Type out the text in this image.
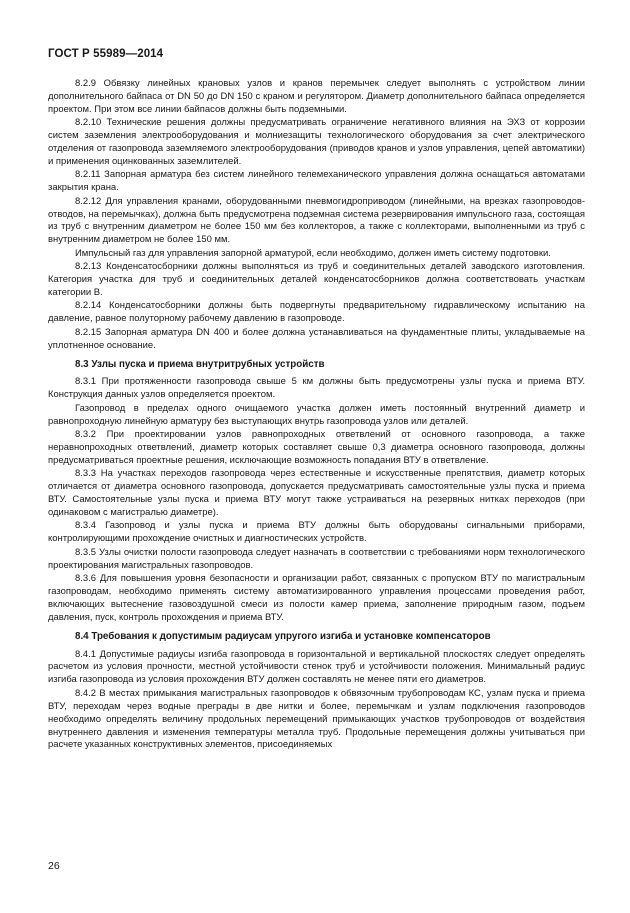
ГОСТ Р 55989—2014

8.2.9 Обвязку линейных крановых узлов и кранов перемычек следует выполнять с устройством линии дополнительного байпаса от DN 50 до DN 150 с краном и регулятором. Диаметр дополнительного байпаса определяется проектом. При этом все линии байпасов должны быть подземными.

8.2.10 Технические решения должны предусматривать ограничение негативного влияния на ЭХЗ от коррозии систем заземления электрооборудования и молниезащиты технологического оборудования за счет электрического отделения от газопровода заземляемого электрооборудования (приводов кранов и узлов управления, цепей автоматики) и применения оцинкованных заземлителей.

8.2.11 Запорная арматура без систем линейного телемеханического управления должна оснащаться автоматами закрытия крана.

8.2.12 Для управления кранами, оборудованными пневмогидроприводом (линейными, на врезках газопроводов-отводов, на перемычках), должна быть предусмотрена подземная система резервирования импульсного газа, состоящая из труб с внутренним диаметром не более 150 мм без коллекторов, а также с коллекторами, выполненными из труб с внутренним диаметром не более 150 мм.

Импульсный газ для управления запорной арматурой, если необходимо, должен иметь систему подготовки.

8.2.13 Конденсатосборники должны выполняться из труб и соединительных деталей заводского изготовления. Категория участка для труб и соединительных деталей конденсатосборников должна соответствовать участкам категории В.

8.2.14 Конденсатосборники должны быть подвергнуты предварительному гидравлическому испытанию на давление, равное полуторному рабочему давлению в газопроводе.

8.2.15 Запорная арматура DN 400 и более должна устанавливаться на фундаментные плиты, укладываемые на уплотненное основание.

8.3 Узлы пуска и приема внутритрубных устройств

8.3.1 При протяженности газопровода свыше 5 км должны быть предусмотрены узлы пуска и приема ВТУ. Конструкция данных узлов определяется проектом.

Газопровод в пределах одного очищаемого участка должен иметь постоянный внутренний диаметр и равнопроходную линейную арматуру без выступающих внутрь газопровода узлов или деталей.

8.3.2 При проектировании узлов равнопроходных ответвлений от основного газопровода, а также неравнопроходных ответвлений, диаметр которых составляет свыше 0,3 диаметра основного газопровода, должны предусматриваться проектные решения, исключающие возможность попадания ВТУ в ответвление.

8.3.3 На участках переходов газопровода через естественные и искусственные препятствия, диаметр которых отличается от диаметра основного газопровода, допускается предусматривать самостоятельные узлы пуска и приема ВТУ. Самостоятельные узлы пуска и приема ВТУ могут также устраиваться на резервных нитках переходов (при одинаковом с магистралью диаметре).

8.3.4 Газопровод и узлы пуска и приема ВТУ должны быть оборудованы сигнальными приборами, контролирующими прохождение очистных и диагностических устройств.

8.3.5 Узлы очистки полости газопровода следует назначать в соответствии с требованиями норм технологического проектирования магистральных газопроводов.

8.3.6 Для повышения уровня безопасности и организации работ, связанных с пропуском ВТУ по магистральным газопроводам, необходимо применять систему автоматизированного управления процессами проведения работ, включающих вытеснение газовоздушной смеси из полости камер приема, заполнение природным газом, подъем давления, пуск, контроль прохождения и приема ВТУ.

8.4 Требования к допустимым радиусам упругого изгиба и установке компенсаторов

8.4.1 Допустимые радиусы изгиба газопровода в горизонтальной и вертикальной плоскостях следует определять расчетом из условия прочности, местной устойчивости стенок труб и устойчивости положения. Минимальный радиус изгиба газопровода из условия прохождения ВТУ должен составлять не менее пяти его диаметров.

8.4.2 В местах примыкания магистральных газопроводов к обвязочным трубопроводам КС, узлам пуска и приема ВТУ, переходам через водные преграды в две нитки и более, перемычкам и узлам подключения газопроводов необходимо определять величину продольных перемещений примыкающих участков трубопроводов от воздействия внутреннего давления и изменения температуры металла труб. Продольные перемещения должны учитываться при расчете указанных конструктивных элементов, присоединяемых

26
